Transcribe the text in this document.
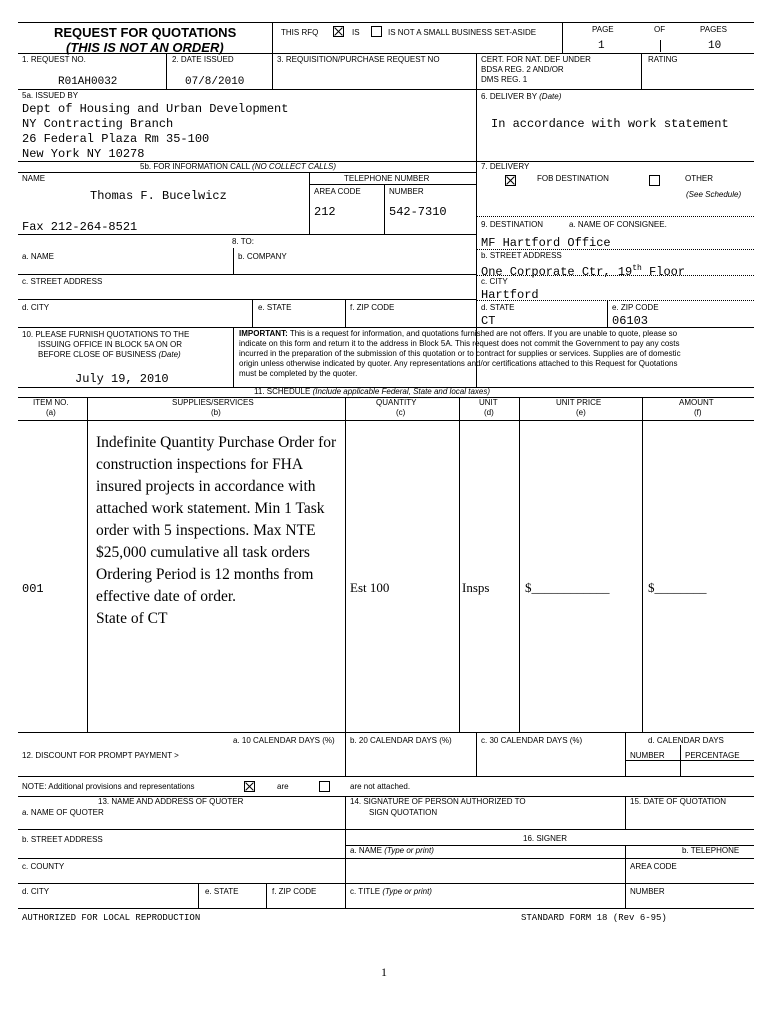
REQUEST FOR QUOTATIONS
(THIS IS NOT AN ORDER)
THIS RFQ	IS	IS NOT A SMALL BUSINESS SET-ASIDE	PAGE	OF	PAGES
1	10
1. REQUEST NO.
R01AH0032
2. DATE ISSUED
07/8/2010
3. REQUISITION/PURCHASE REQUEST NO	CERT. FOR NAT. DEF UNDER
BDSA REG. 2 AND/OR
DMS REG. 1
RATING
5a. ISSUED BY
Dept of Housing and Urban Development
NY Contracting Branch
26 Federal Plaza Rm 35-100
New York NY 10278
6. DELIVER BY (Date)
In accordance with work statement
5b. FOR INFORMATION CALL (NO COLLECT CALLS)
NAME	TELEPHONE NUMBER
AREA CODE	NUMBER
Thomas F. Bucelwicz
212	542-7310
Fax 212-264-8521
7. DELIVERY
FOB DESTINATION	OTHER
(See Schedule)
9. DESTINATION	a. NAME OF CONSIGNEE.
MF Hartford Office
b. STREET ADDRESS
One Corporate Ctr, 19th Floor
c. CITY
Hartford
d. STATE
CT
e. ZIP CODE
06103
8. TO:
a. NAME	b. COMPANY
c. STREET ADDRESS
d. CITY	e. STATE	f. ZIP CODE
10. PLEASE FURNISH QUOTATIONS TO THE
ISSUING OFFICE IN BLOCK 5A ON OR
BEFORE CLOSE OF BUSINESS (Date)
July 19, 2010
IMPORTANT: This is a request for information, and quotations furnished are not offers. If you are unable to quote, please so
indicate on this form and return it to the address in Block 5A. This request does not commit the Government to pay any costs
incurred in the preparation of the submission of this quotation or to contract for supplies or services. Supplies are of domestic
origin unless otherwise indicated by quoter. Any representations and/or certifications attached to this Request for Quotations
must be completed by the quoter.
11. SCHEDULE (Include applicable Federal, State and local taxes)
ITEM NO.
(a)
SUPPLIES/SERVICES
(b)
QUANTITY
(c)
UNIT
(d)
UNIT PRICE
(e)
AMOUNT
(f)
Indefinite Quantity Purchase Order for
construction inspections for FHA
insured projects in accordance with
attached work statement. Min 1 Task
order with 5 inspections. Max NTE
$25,000 cumulative all task orders
Ordering Period is 12 months from
effective date of order.
State of CT
001	Est 100	Insps	$____________	$________
12. DISCOUNT FOR PROMPT PAYMENT >
a. 10 CALENDAR DAYS (%) b. 20 CALENDAR DAYS (%)	c. 30 CALENDAR DAYS (%)	d. CALENDAR DAYS
NUMBER	PERCENTAGE
NOTE: Additional provisions and representations	are	are not attached.
13. NAME AND ADDRESS OF QUOTER
a. NAME OF QUOTER
b. STREET ADDRESS
c. COUNTY
d. CITY	e. STATE	f. ZIP CODE
14. SIGNATURE OF PERSON AUTHORIZED TO
SIGN QUOTATION
15. DATE OF QUOTATION
16. SIGNER
a. NAME (Type or print)	b. TELEPHONE
AREA CODE
c. TITLE (Type or print)	NUMBER
AUTHORIZED FOR LOCAL REPRODUCTION	STANDARD FORM 18 (Rev 6-95)
1
